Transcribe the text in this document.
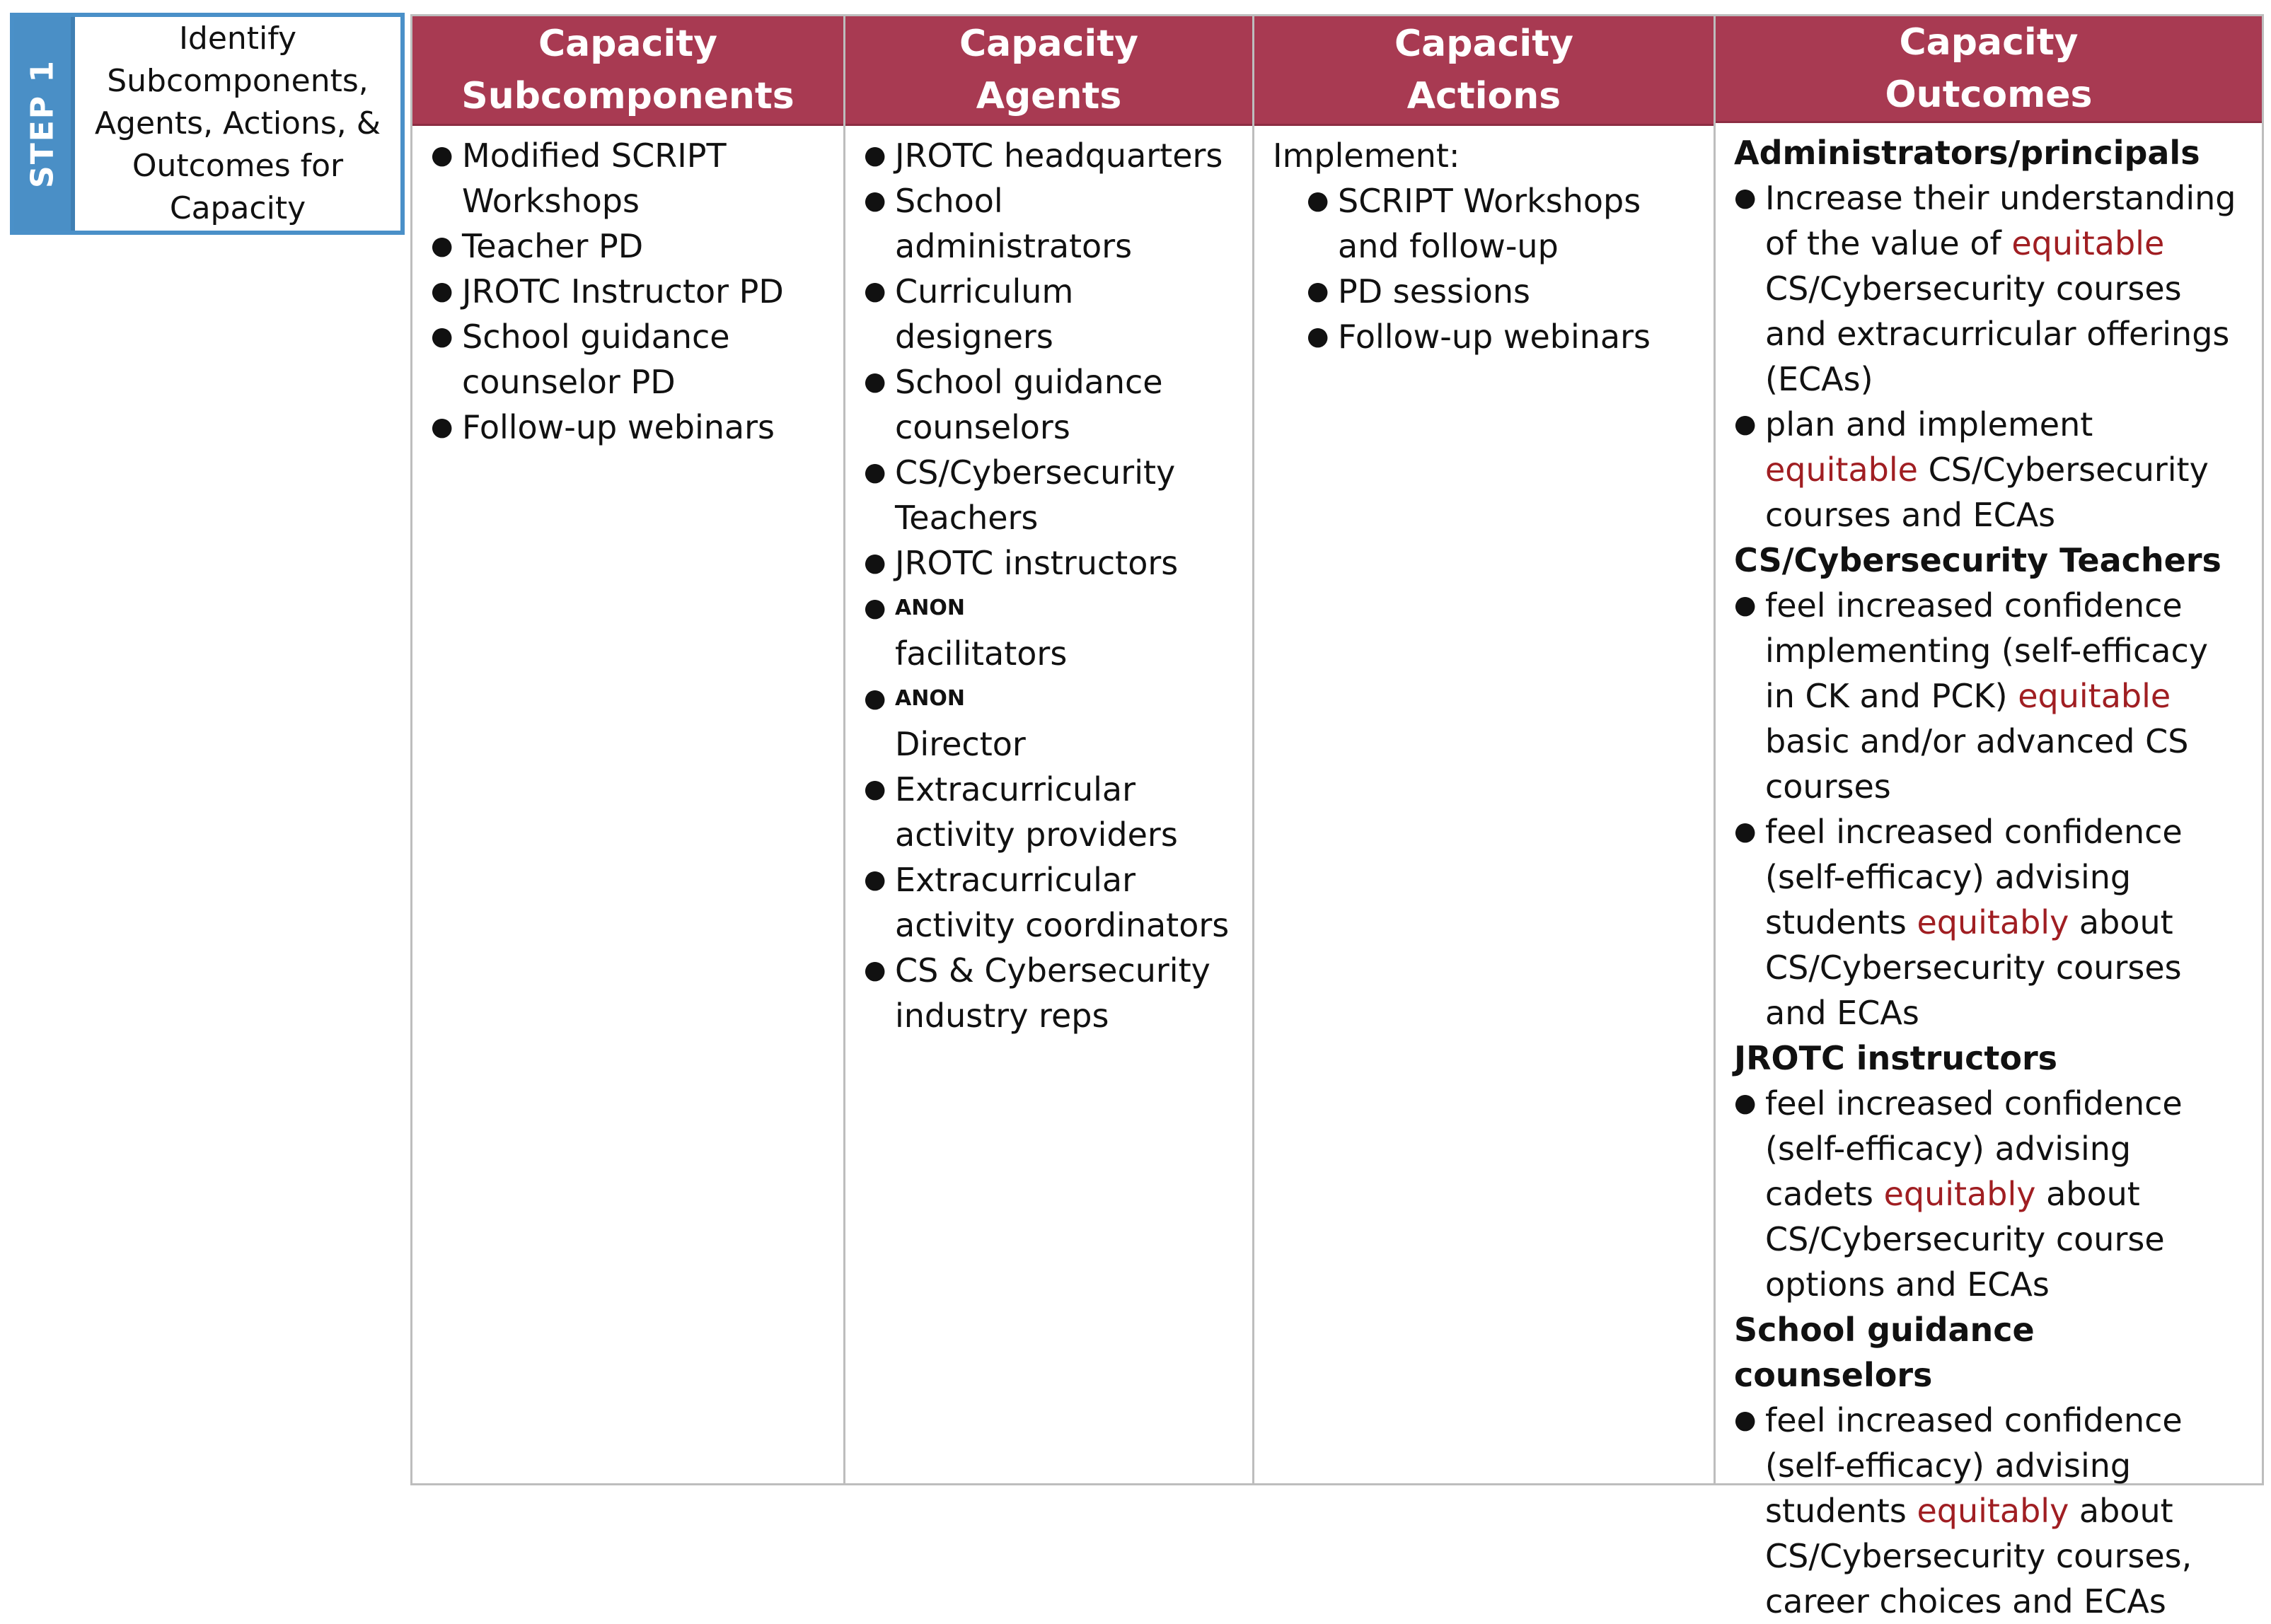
STEP 1
Identify
Subcomponents,
Agents, Actions, &
Outcomes for
Capacity
Capacity
Subcomponents
● Modified SCRIPT Workshops
● Teacher PD
● JROTC Instructor PD
● School guidance counselor PD
● Follow-up webinars
Capacity
Agents
● JROTC headquarters
● School administrators
● Curriculum designers
● School guidance counselors
● CS/Cybersecurity Teachers
● JROTC instructors
● $^{ANON}$
facilitators
● $^{ANON}$
Director
● Extracurricular activity providers
● Extracurricular activity coordinators
● CS & Cybersecurity industry reps
Capacity
Actions

Implement:

● SCRIPT Workshops and follow-up
● PD sessions
● Follow-up webinars
Capacity
Outcomes
Administrators/principals
● Increase their understanding of the value of equitable CS/Cybersecurity courses and extracurricular offerings (ECAs)
● plan and implement equitable CS/Cybersecurity courses and ECAs
CS/Cybersecurity Teachers
● feel increased confidence implementing (self-efficacy in CK and PCK) equitable basic and/or advanced CS courses
● feel increased confidence (self-efficacy) advising students equitably about CS/Cybersecurity courses and ECAs
JROTC instructors
● feel increased confidence (self-efficacy) advising cadets equitably about CS/Cybersecurity course options and ECAs
School guidance counselors
● feel increased confidence (self-efficacy) advising students equitably about CS/Cybersecurity courses, career choices and ECAs
